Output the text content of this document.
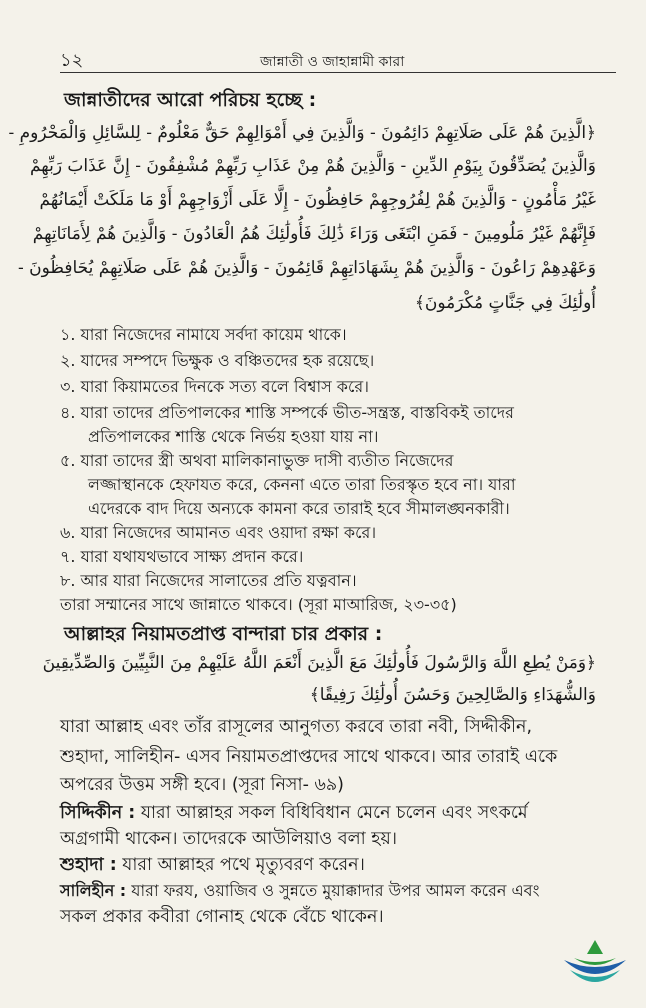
১২	জান্নাতী ও জাহান্নামী কারা
জান্নাতীদের আরো পরিচয় হচ্ছে :
﴿الَّذِينَ هُمْ عَلَى صَلَاتِهِمْ دَائِمُونَ - وَالَّذِينَ فِي أَمْوَالِهِمْ حَقٌّ مَعْلُومٌ - لِلسَّائِلِ وَالْمَحْرُومِ -
وَالَّذِينَ يُصَدِّقُونَ بِيَوْمِ الدِّينِ - وَالَّذِينَ هُمْ مِنْ عَذَابِ رَبِّهِمْ مُشْفِقُونَ - إِنَّ عَذَابَ رَبِّهِمْ
غَيْرُ مَأْمُونٍ - وَالَّذِينَ هُمْ لِفُرُوجِهِمْ حَافِظُونَ - إِلَّا عَلَى أَزْوَاجِهِمْ أَوْ مَا مَلَكَتْ أَيْمَانُهُمْ
فَإِنَّهُمْ غَيْرُ مَلُومِينَ - فَمَنِ ابْتَغَى وَرَاءَ ذَٰلِكَ فَأُولَٰئِكَ هُمُ الْعَادُونَ - وَالَّذِينَ هُمْ لِأَمَانَاتِهِمْ
وَعَهْدِهِمْ رَاعُونَ - وَالَّذِينَ هُمْ بِشَهَادَاتِهِمْ قَائِمُونَ - وَالَّذِينَ هُمْ عَلَى صَلَاتِهِمْ يُحَافِظُونَ -
أُولَٰئِكَ فِي جَنَّاتٍ مُكْرَمُونَ﴾
১. যারা নিজেদের নামাযে সর্বদা কায়েম থাকে।
২. যাদের সম্পদে ভিক্ষুক ও বঞ্চিতদের হক রয়েছে।
৩. যারা কিয়ামতের দিনকে সত্য বলে বিশ্বাস করে।
৪. যারা তাদের প্রতিপালকের শাস্তি সম্পর্কে ভীত-সন্ত্রস্ত, বাস্তবিকই তাদের
প্রতিপালকের শাস্তি থেকে নির্ভয় হওয়া যায় না।
৫. যারা তাদের স্ত্রী অথবা মালিকানাভুক্ত দাসী ব্যতীত নিজেদের
লজ্জাস্থানকে হেফাযত করে, কেননা এতে তারা তিরস্কৃত হবে না। যারা
এদেরকে বাদ দিয়ে অন্যকে কামনা করে তারাই হবে সীমালঙ্ঘনকারী।
৬. যারা নিজেদের আমানত এবং ওয়াদা রক্ষা করে।
৭. যারা যথাযথভাবে সাক্ষ্য প্রদান করে।
৮. আর যারা নিজেদের সালাতের প্রতি যত্নবান।
তারা সম্মানের সাথে জান্নাতে থাকবে। (সূরা মাআরিজ, ২৩-৩৫)
আল্লাহর নিয়ামতপ্রাপ্ত বান্দারা চার প্রকার :
﴿وَمَنْ يُطِعِ اللَّهَ وَالرَّسُولَ فَأُولَٰئِكَ مَعَ الَّذِينَ أَنْعَمَ اللَّهُ عَلَيْهِمْ مِنَ النَّبِيِّينَ وَالصِّدِّيقِينَ
وَالشُّهَدَاءِ وَالصَّالِحِينَ وَحَسُنَ أُولَٰئِكَ رَفِيقًا﴾
যারা আল্লাহ এবং তাঁর রাসূলের আনুগত্য করবে তারা নবী, সিদ্দীকীন,
শুহাদা, সালিহীন- এসব নিয়ামতপ্রাপ্তদের সাথে থাকবে। আর তারাই একে
অপরের উত্তম সঙ্গী হবে। (সূরা নিসা- ৬৯)
সিদ্দিকীন : যারা আল্লাহর সকল বিধিবিধান মেনে চলেন এবং সৎকর্মে
অগ্রগামী থাকেন। তাদেরকে আউলিয়াও বলা হয়।
শুহাদা : যারা আল্লাহর পথে মৃত্যুবরণ করেন।
সালিহীন : যারা ফরয, ওয়াজিব ও সুন্নতে মুয়াক্কাদার উপর আমল করেন এবং
সকল প্রকার কবীরা গোনাহ থেকে বেঁচে থাকেন।
